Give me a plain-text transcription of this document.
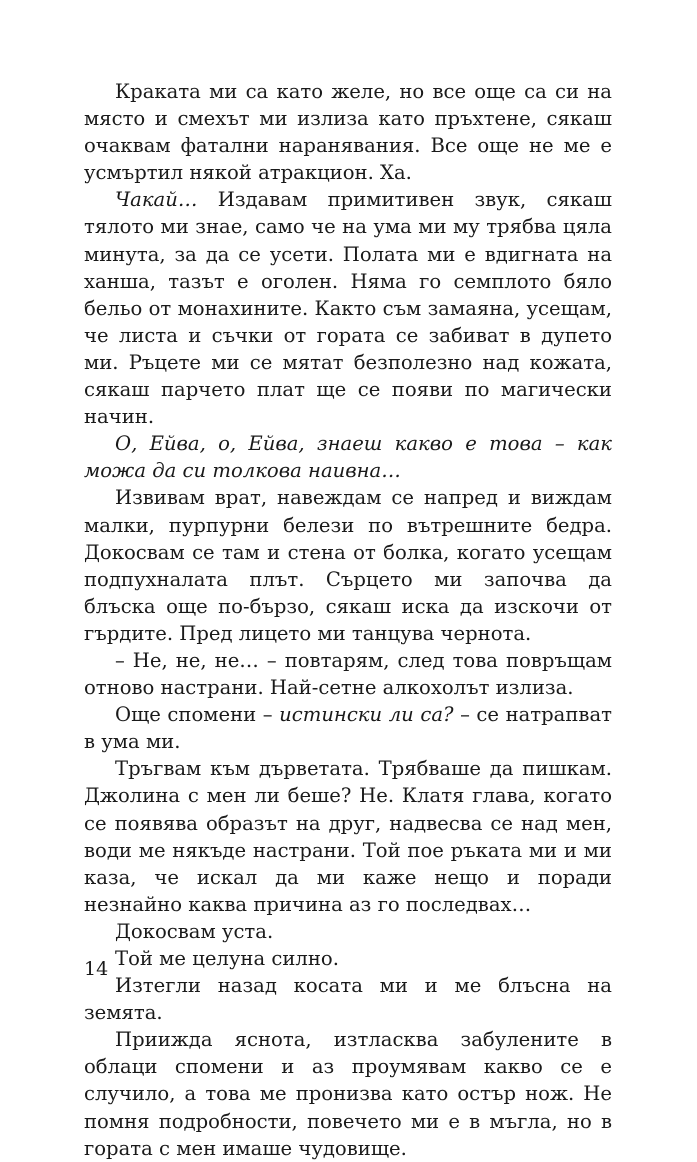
Краката ми са като желе, но все още са си на място и смехът ми излиза като пръхтене, сякаш очаквам фатални наранявания. Все още не ме е усмъртил някой атракцион. Ха.

Чакай… Издавам примитивен звук, сякаш тялото ми знае, само че на ума ми му трябва цяла минута, за да се усети. Полата ми е вдигната на ханша, тазът е оголен. Няма го семплото бяло бельо от монахините. Както съм замаяна, усещам, че листа и съчки от гората се забиват в дупето ми. Ръцете ми се мятат безполезно над кожата, сякаш парчето плат ще се появи по магически начин.

О, Ейва, о, Ейва, знаеш какво е това – как можа да си толкова наивна…

Извивам врат, навеждам се напред и виждам малки, пурпурни белези по вътрешните бедра. Докосвам се там и стена от болка, когато усещам подпухналата плът. Сърцето ми започва да блъска още по-бързо, сякаш иска да изскочи от гърдите. Пред лицето ми танцува чернота.

– Не, не, не… – повтарям, след това повръщам отново настрани. Най-сетне алкохолът излиза.

Още спомени – истински ли са? – се натрапват в ума ми.

Тръгвам към дърветата. Трябваше да пишкам. Джолина с мен ли беше? Не. Клатя глава, когато се появява образът на друг, надвесва се над мен, води ме някъде настрани. Той пое ръката ми и ми каза, че искал да ми каже нещо и поради незнайно каква причина аз го последвах…

Докосвам уста.

Той ме целуна силно.

Изтегли назад косата ми и ме блъсна на земята.

Приижда яснота, изтласква забулените в облаци спомени и аз проумявам какво се е случило, а това ме пронизва като остър нож. Не помня подробности, повечето ми е в мъгла, но в гората с мен имаше чудовище.

14
